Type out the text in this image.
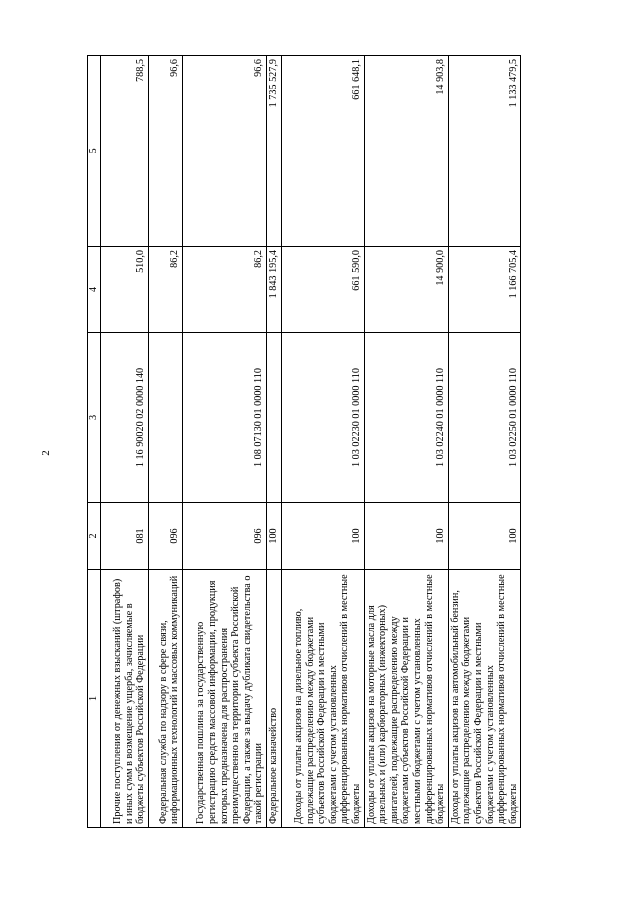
2
1	2	3	4	5
Прочие поступления от денежных взысканий (штрафов) и иных сумм в возмещение ущерба, зачисляемые в бюджеты субъектов Российской Федерации	081	1 16 90020 02 0000 140	510,0	788,5
Федеральная служба по надзору в сфере связи, информационных технологий и массовых коммуникаций	096		86,2	96,6
Государственная пошлина за государственную регистрацию средств массовой информации, продукция которых предназначена для распространения преимущественно на территории субъекта Российской Федерации, а также за выдачу дубликата свидетельства о такой регистрации	096	1 08 07130 01 0000 110	86,2	96,6
Федеральное казначейство	100		1 843 195,4	1 735 527,9
Доходы от уплаты акцизов на дизельное топливо, подлежащие распределению между бюджетами субъектов Российской Федерации и местными бюджетами с учетом установленных дифференцированных нормативов отчислений в местные бюджеты	100	1 03 02230 01 0000 110	661 590,0	661 648,1
Доходы от уплаты акцизов на моторные масла для дизельных и (или) карбюраторных (инжекторных) двигателей, подлежащие распределению между бюджетами субъектов Российской Федерации и местными бюджетами с учетом установленных дифференцированных нормативов отчислений в местные бюджеты	100	1 03 02240 01 0000 110	14 900,0	14 903,8
Доходы от уплаты акцизов на автомобильный бензин, подлежащие распределению между бюджетами субъектов Российской Федерации и местными бюджетами с учетом установленных дифференцированных нормативов отчислений в местные бюджеты	100	1 03 02250 01 0000 110	1 166 705,4	1 133 479,5
